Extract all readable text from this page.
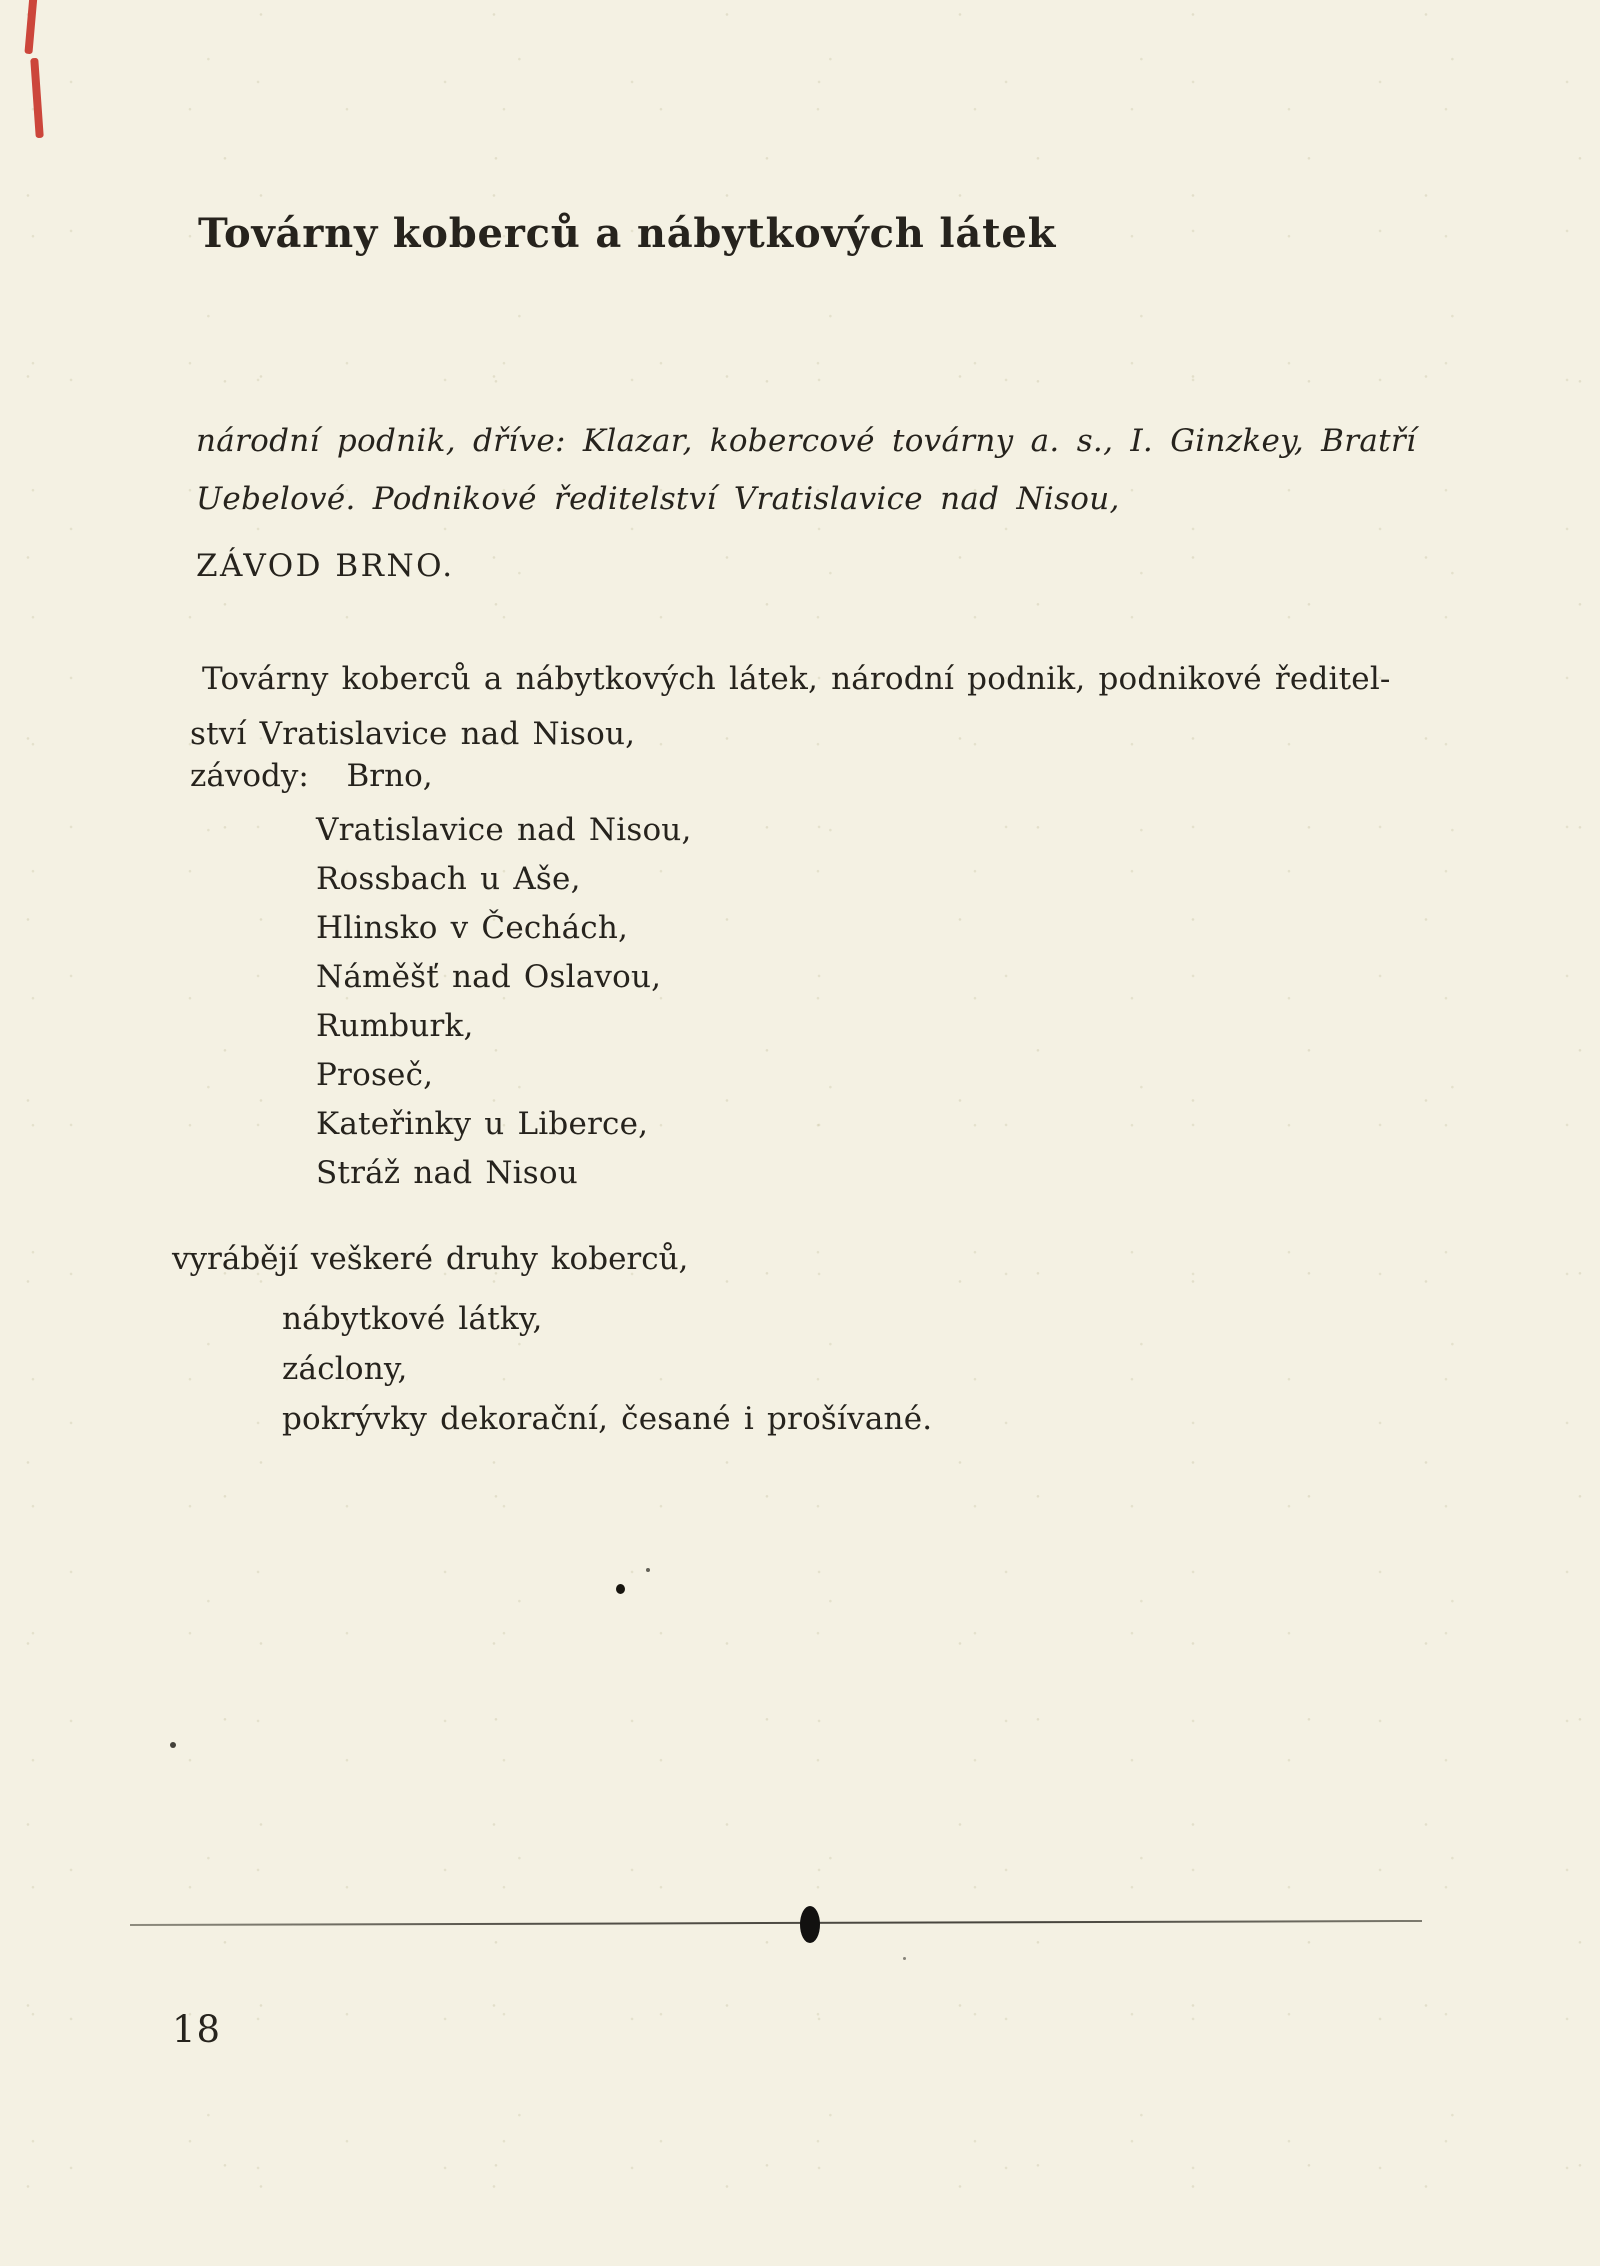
Továrny koberců a nábytkových látek
národní podnik, dříve: Klazar, kobercové továrny a. s., I. Ginzkey, Bratří
Uebelové. Podnikové ředitelství Vratislavice nad Nisou,
ZÁVOD BRNO.
Továrny koberců a nábytkových látek, národní podnik, podnikové ředitel-
ství Vratislavice nad Nisou,
závody: Brno,
Vratislavice nad Nisou,
Rossbach u Aše,
Hlinsko v Čechách,
Náměšť nad Oslavou,
Rumburk,
Proseč,
Kateřinky u Liberce,
Stráž nad Nisou
vyrábějí veškeré druhy koberců,
nábytkové látky,
záclony,
pokrývky dekorační, česané i prošívané.
18
